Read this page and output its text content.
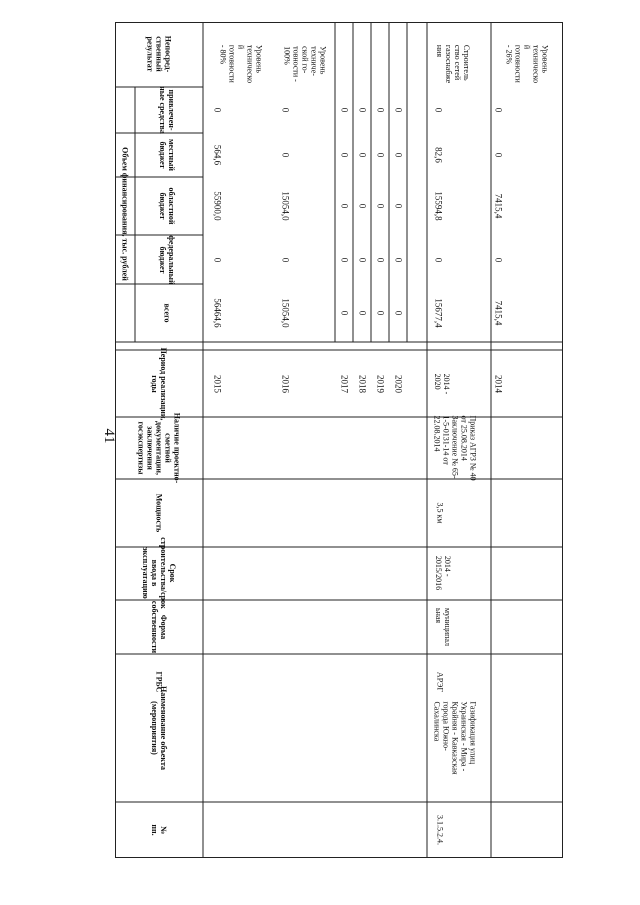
41
Непосред-
ственный
результат
Объем финансирования, тыс. рублей
привлечен-
ные средства
местный
бюджет
областной
бюджет
федеральный
бюджет
всего
Период реализации,
годы
Наличие проектно-
сметной
документации,
заключения
госэкспертизы
Мощность
Срок
строительства/срок
ввода в
эксплуатацию
Форма
собственности
ГРБС
Наименование объекта
(мероприятия)
№
пп.
Уровень
техническо
й
готовности
- 80%
0
564,6
55900,0
0
56464,6
2015
Уровень
техниче-
ской го-
товности -
100%
0
0
15054,0
0
15054,0
2016
0
0
0
0
0
2017
0
0
0
0
0
2018
0
0
0
0
0
2019
0
0
0
0
0
2020
Строитель
ство сетей
газоснабже
ния
0
82,6
15594,8
0
15677,4
2014 -
2020
Уровень
техническо
й
готовности
- 26%
0
0
7415,4
0
7415,4
2014
Приказ АГРЗ № 40
от 25.08.2014
Заключение № 65-
1-5-0131-14 от
22.08.2014
3,5 км
2014 -
2015/2016
муниципал
ьная
АРЭГ
Газификация улиц
Украинская - Мира -
Крайняя - Кавказская
города Южно-
Сахалинска
3.1.5.2.4.
